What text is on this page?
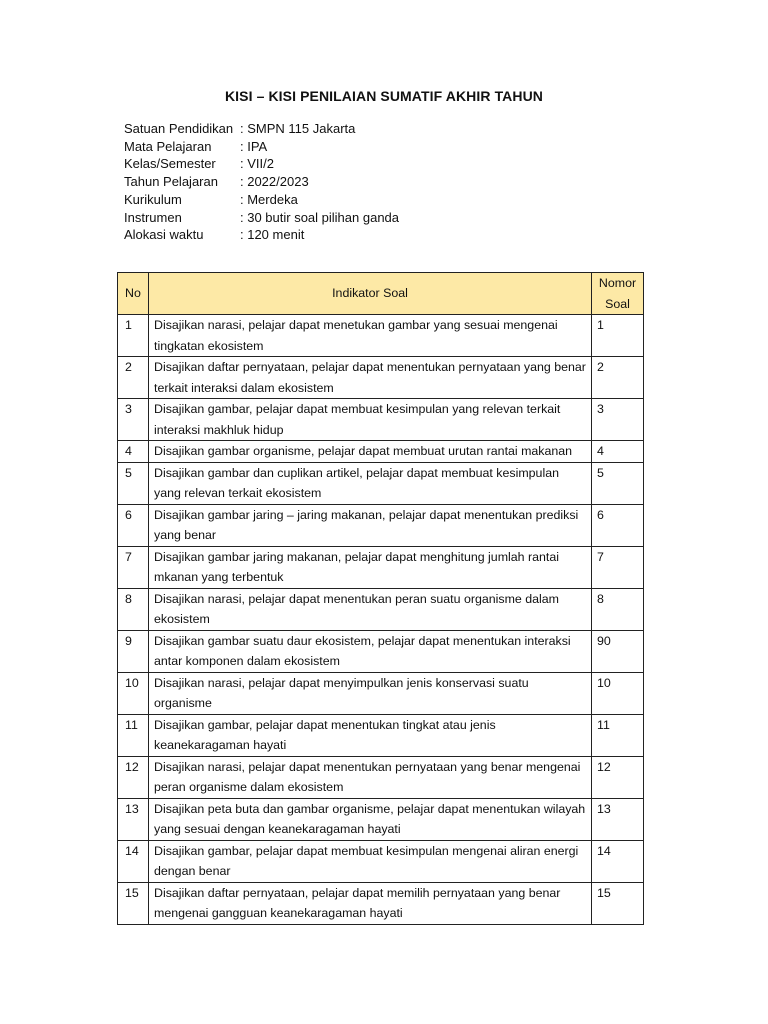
KISI – KISI PENILAIAN SUMATIF AKHIR TAHUN
Satuan Pendidikan : SMPN 115 Jakarta
Mata Pelajaran	: IPA
Kelas/Semester	: VII/2
Tahun Pelajaran	: 2022/2023
Kurikulum	: Merdeka
Instrumen	: 30 butir soal pilihan ganda
Alokasi waktu	: 120 menit
No	Indikator Soal	Nomor
Soal

1	Disajikan narasi, pelajar dapat menetukan gambar yang sesuai mengenai tingkatan ekosistem	1
2	Disajikan daftar pernyataan, pelajar dapat menentukan pernyataan yang benar terkait interaksi dalam ekosistem	2
3	Disajikan gambar, pelajar dapat membuat kesimpulan yang relevan terkait interaksi makhluk hidup	3
4	Disajikan gambar organisme, pelajar dapat membuat urutan rantai makanan	4
5	Disajikan gambar dan cuplikan artikel, pelajar dapat membuat kesimpulan yang relevan terkait ekosistem	5
6	Disajikan gambar jaring – jaring makanan, pelajar dapat menentukan prediksi yang benar	6
7	Disajikan gambar jaring makanan, pelajar dapat menghitung jumlah rantai mkanan yang terbentuk	7
8	Disajikan narasi, pelajar dapat menentukan peran suatu organisme dalam ekosistem	8
9	Disajikan gambar suatu daur ekosistem, pelajar dapat menentukan interaksi antar komponen dalam ekosistem	90
10	Disajikan narasi, pelajar dapat menyimpulkan jenis konservasi suatu organisme	10
11	Disajikan gambar, pelajar dapat menentukan tingkat atau jenis keanekaragaman hayati	11
12	Disajikan narasi, pelajar dapat menentukan pernyataan yang benar mengenai peran organisme dalam ekosistem	12
13	Disajikan peta buta dan gambar organisme, pelajar dapat menentukan wilayah yang sesuai dengan keanekaragaman hayati	13
14	Disajikan gambar, pelajar dapat membuat kesimpulan mengenai aliran energi dengan benar	14
15	Disajikan daftar pernyataan, pelajar dapat memilih pernyataan yang benar mengenai gangguan keanekaragaman hayati	15
